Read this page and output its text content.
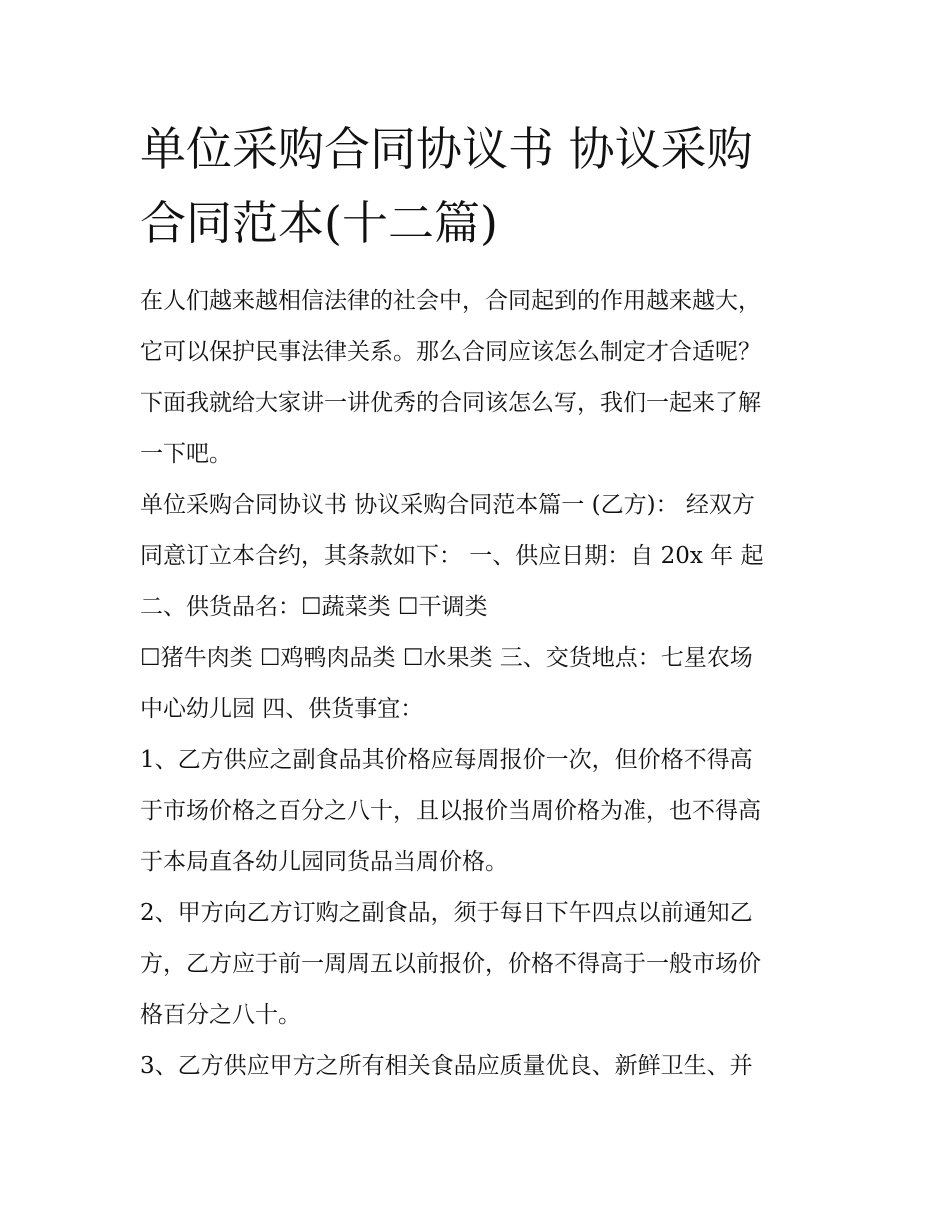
单位采购合同协议书 协议采购
合同范本(十二篇)
在人们越来越相信法律的社会中，合同起到的作用越来越大，
它可以保护民事法律关系。那么合同应该怎么制定才合适呢？
下面我就给大家讲一讲优秀的合同该怎么写，我们一起来了解
一下吧。
单位采购合同协议书 协议采购合同范本篇一 (乙方)： 经双方
同意订立本合约，其条款如下： 一、供应日期：自 20x 年 起
二、供货品名：☐蔬菜类 ☐干调类
☐猪牛肉类 ☐鸡鸭肉品类 ☐水果类 三、交货地点：七星农场
中心幼儿园 四、供货事宜：
1、乙方供应之副食品其价格应每周报价一次，但价格不得高
于市场价格之百分之八十，且以报价当周价格为准，也不得高
于本局直各幼儿园同货品当周价格。
2、甲方向乙方订购之副食品，须于每日下午四点以前通知乙
方，乙方应于前一周周五以前报价，价格不得高于一般市场价
格百分之八十。
3、乙方供应甲方之所有相关食品应质量优良、新鲜卫生、并
